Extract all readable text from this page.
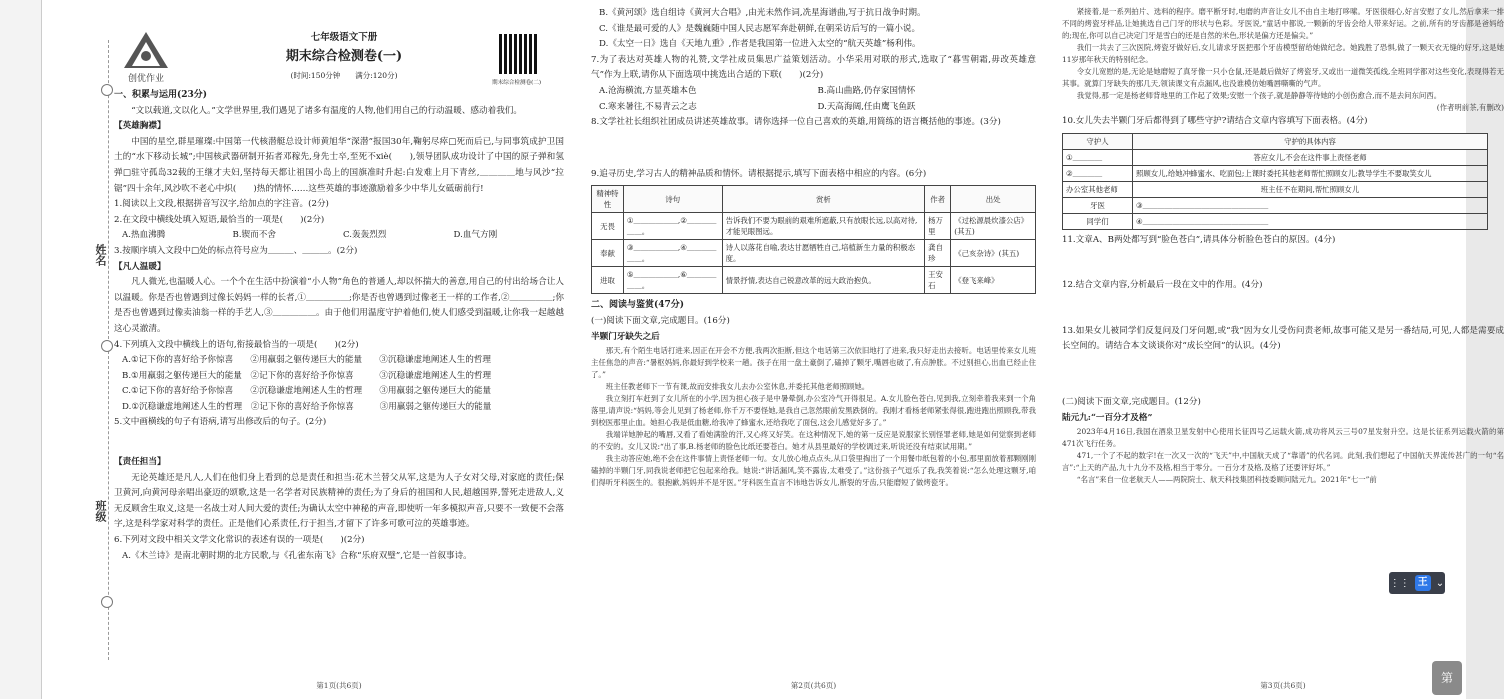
姓名
班级
创优作业
七年级语文下册
期末综合检测卷(一)
(时间:150分钟　　满分:120分)
期末综合检测卷(二)

一、积累与运用(23分)

“文以载道,文以化人。”文学世界里,我们遇见了诸多有温度的人物,他们用自己的行动温暖、感动着我们。

【英雄胸襟】

中国的星空,群星璀璨:中国第一代核潜艇总设计师黄旭华“深潜”报国30年,鞠躬尽瘁□死而后已,与同事筑成护卫国土的“水下移动长城”;中国核武器研制开拓者邓稼先,身先士卒,至死不xiè(　　),领导团队成功设计了中国的原子弹和氢弹□驻守孤岛32载的王继才夫妇,坚持每天都让祖国小岛上的国旗准时升起:白发难上月下青丝,＿＿＿＿地与风沙“拉锯”四十余年,风沙吹不老心中炽(　　)热的情怀……这些英雄的事迹激励着多少中华儿女砥砺前行!

1.阅读以上文段,根据拼音写汉字,给加点的字注音。(2分)

2.在文段中横线处填入短语,最恰当的一项是(　　)(2分)

A.热血沸腾	B.锲而不舍	C.轰轰烈烈	D.血气方刚

3.按顺序填入文段中□处的标点符号应为＿＿＿、＿＿＿。(2分)

【凡人温暖】

凡人微光,也温暖人心。一个个在生活中扮演着“小人物”角色的普通人,却以怀揣大的善意,用自己的付出给场合让人以温暖。你是否也曾遇到过像长妈妈一样的长者,①＿＿＿＿＿;你是否也曾遇到过像老王一样的工作者,②＿＿＿＿＿;你是否也曾遇到过像卖油翁一样的手艺人,③＿＿＿＿＿。由于他们用温度守护着他们,使人们感受到温暖,让你我一起越越这心灵澈清。

4.下列填入文段中横线上的语句,衔接最恰当的一项是(　　)(2分)

A.①记下你的喜好给予你惊喜　　②用羸弱之躯传递巨大的能量　　③沉稳谦虚地阐述人生的哲理

B.①用羸弱之躯传递巨大的能量　②记下你的喜好给予你惊喜　　　③沉稳谦虚地阐述人生的哲理

C.①记下你的喜好给予你惊喜　　②沉稳谦虚地阐述人生的哲理　　③用羸弱之躯传递巨大的能量

D.①沉稳谦虚地阐述人生的哲理　②记下你的喜好给予你惊喜　　　③用羸弱之躯传递巨大的能量

5.文中画横线的句子有语病,请写出修改后的句子。(2分)

【责任担当】

无论英雄还是凡人,人们在他们身上看到的总是责任和担当:花木兰替父从军,这是为人子女对父母,对家庭的责任;保卫黄河,向黄河母亲唱出豪迈的颂歌,这是一名学者对民族精神的责任;为了身后的祖国和人民,超越国界,誓死走进敌人,义无反顾舍生取义,这是一名战士对人间大爱的责任;为确认太空中神秘的声音,即使听一年多模拟声音,只要不一致便不会落字,这是科学家对科学的责任。正是他们心系责任,行于担当,才留下了许多可歌可泣的英雄事迹。

6.下列对文段中相关文学文化常识的表述有误的一项是(　　)(2分)

A.《木兰诗》是南北朝时期的北方民歌,与《孔雀东南飞》合称“乐府双璧”,它是一首叙事诗。

第1页(共6页)

B.《黄河颂》选自组诗《黄河大合唱》,由光未然作词,冼星海谱曲,写于抗日战争时期。

C.《谁是最可爱的人》是魏巍随中国人民志愿军奔赴朝鲜,在朝采访后写的一篇小说。

D.《太空一日》选自《天地九重》,作者是我国第一位进入太空的“航天英雄”杨利伟。

7.为了表达对英雄人物的礼赞,文学社成员集思广益策划活动。小华采用对联的形式,选取了“暮雪朝霜,毋改英雄意气”作为上联,请你从下面选项中挑选出合适的下联(　　)(2分)

A.沧海横流,方显英雄本色	B.高山曲路,仍存家国情怀
C.寒来暑往,不易青云之志	D.天高海阔,任由鹰飞鱼跃

8.文学社社长组织社团成员讲述英雄故事。请你选择一位自己喜欢的英雄,用简练的语言概括他的事迹。(3分)

9.追寻历史,学习古人的精神品质和情怀。请根据提示,填写下面表格中相应的内容。(6分)

精神特性	诗句	赏析	作者	出处
无畏	①＿＿＿＿＿＿,②＿＿＿＿＿＿。	告诉我们不要为眼前的艰难所遮蔽,只有放眼长远,以高对待,才能见眼图远。	杨万里	《过松源晨炊漆公店》(其五)
奉献	③＿＿＿＿＿＿,④＿＿＿＿＿＿。	诗人以落花自喻,表达甘愿牺牲自己,培植新生力量的积极态度。	龚自珍	《己亥杂诗》(其五)
进取	⑤＿＿＿＿＿＿,⑥＿＿＿＿＿＿。	情景抒情,表达自己锐意改革的远大政治抱负。	王安石	《登飞来峰》

二、阅读与鉴赏(47分)

(一)阅读下面文章,完成题目。(16分)

半颗门牙缺失之后

那天,有个陌生电话打进来,因正在开会不方便,我两次拒断,但这个电话第三次依旧地打了进来,我只好走出去接听。电话里传来女儿班主任焦急的声音:“暑枢妈妈,你最好到学校来一趟。孩子在用一盘土豪倒了,磕掉了颗牙,嘴唇也破了,有点肿胀。不过别担心,出血已经止住了。”

班主任教老师下一节有课,故而安排我女儿去办公室休息,并委托其他老师照顾她。

我立刻打车赶到了女儿所在的小学,因为担心孩子是中暑晕倒,办公室冷气开得很足。A.女儿脸色苍白,见到我,立刻牵着我来到一个角落里,请声说:“妈妈,等会儿见到了杨老师,你千万不要怪她,是我自己忽然眼前发黑跌倒的。我刚才看杨老师紧张得很,跑进跑出照顾我,带我到校医那里止血。她担心我是低血糖,给我冲了蜂蜜水,还给我吃了面包,这会儿感觉好多了。”

我端详她肿起的嘴唇,又看了看她满脸的汗,又心疼又好笑。在这种情况下,她的第一反应是说服家长别怪罪老师,她是如何觉察到老师的不安的。女儿又说:“出了事,B.杨老师的脸色比纸还要苍白。她才从县里最好的学校调过来,听说还没有结束试用期。”

我主动答应她,绝不会在这件事情上责怪老师一句。女儿放心地点点头,从口袋里掏出了一个用餐巾纸包着的小包,那里面放着那颗刚刚磕掉的半颗门牙,同我说老师把它包起来给我。她说:“讲话漏风,笑不露齿,太难受了。”这份孩子气逗乐了我,我笑着说:“怎么处理这颗牙,咱们得听牙科医生的。很抱歉,妈妈并不是牙医。”牙科医生直言不讳地告诉女儿,断裂的牙齿,只能磨短了做烤瓷牙。

第2页(共6页)

紧接着,是一系列拍片、选料的程序。磨平断牙时,电磨的声音让女儿不由自主地打哆嗦。牙医很细心,好言安慰了女儿,然后拿来一排不同的烤瓷牙样品,让她挑选自己门牙的形状与色彩。牙医说,“童话中都说,一颗新的牙齿会给人带来好运。之前,所有的牙齿都是爸妈给的;现在,你可以自己决定门牙是雪白的还是自然的米色,形状是偏方还是偏尖。”

我们一共去了三次医院,烤瓷牙做好后,女儿请求牙医把那个牙齿模型留给她做纪念。她践胜了恐惧,做了一颗天衣无缝的好牙,这是她11岁那年秋天的特别纪念。

令女儿宽慰的是,无论是她磨短了真牙像一只小仓鼠,还是最后做好了烤瓷牙,又或出一道微笑孤线,全班同学都对这些变化,表现得若无其事。就算门牙缺失的那几天,领读课文有点漏风,也没谁模仿她嘴唇嘶嘶的气声。

我觉得,那一定是杨老师背地里的工作起了效果;安慰一个孩子,就是静静等待她的小创伤愈合,而不是去问东问西。

(作者明前茶,有删改)

10.女儿失去半颗门牙后都得到了哪些守护?请结合文章内容填写下面表格。(4分)

守护人	守护的具体内容
①＿＿＿＿	答应女儿,不会在这件事上责怪老师
②＿＿＿＿	照顾女儿,给她冲蜂蜜水、吃面包;上课时委托其他老师帮忙照顾女儿;教导学生不要取笑女儿
办公室其他老师	班主任不在期间,帮忙照顾女儿
牙医	③＿＿＿＿＿＿＿＿＿＿＿＿＿＿＿＿＿
同学们	④＿＿＿＿＿＿＿＿＿＿＿＿＿＿＿＿＿

11.文章A、B两处都写到“脸色苍白”,请具体分析脸色苍白的原因。(4分)

12.结合文章内容,分析最后一段在文中的作用。(4分)

13.如果女儿被同学们反复问及门牙问题,或“我”因为女儿受伤问责老师,故事可能又是另一番结局,可见,人都是需要成长空间的。请结合本文谈谈你对“成长空间”的认识。(4分)

(二)阅读下面文章,完成题目。(12分)

陆元九:“一百分才及格”

2023年4月16日,我国在酒泉卫星发射中心使用长征四号乙运载火箭,成功将风云三号07星发射升空。这是长征系列运载火箭的第471次飞行任务。

471,一个了不起的数字!在一次又一次的“飞天”中,中国航天成了“靠谱”的代名词。此刻,我们想起了中国航天界流传甚广的一句“名言”:“上天的产品,九十九分不及格,相当于零分。一百分才及格,及格了还要评好坏。”

“名言”来自一位老航天人——两院院士、航天科技集团科技委顾问陆元九。2021年“七一”前

第3页(共6页)
⋮⋮ 王 ⌄
第
